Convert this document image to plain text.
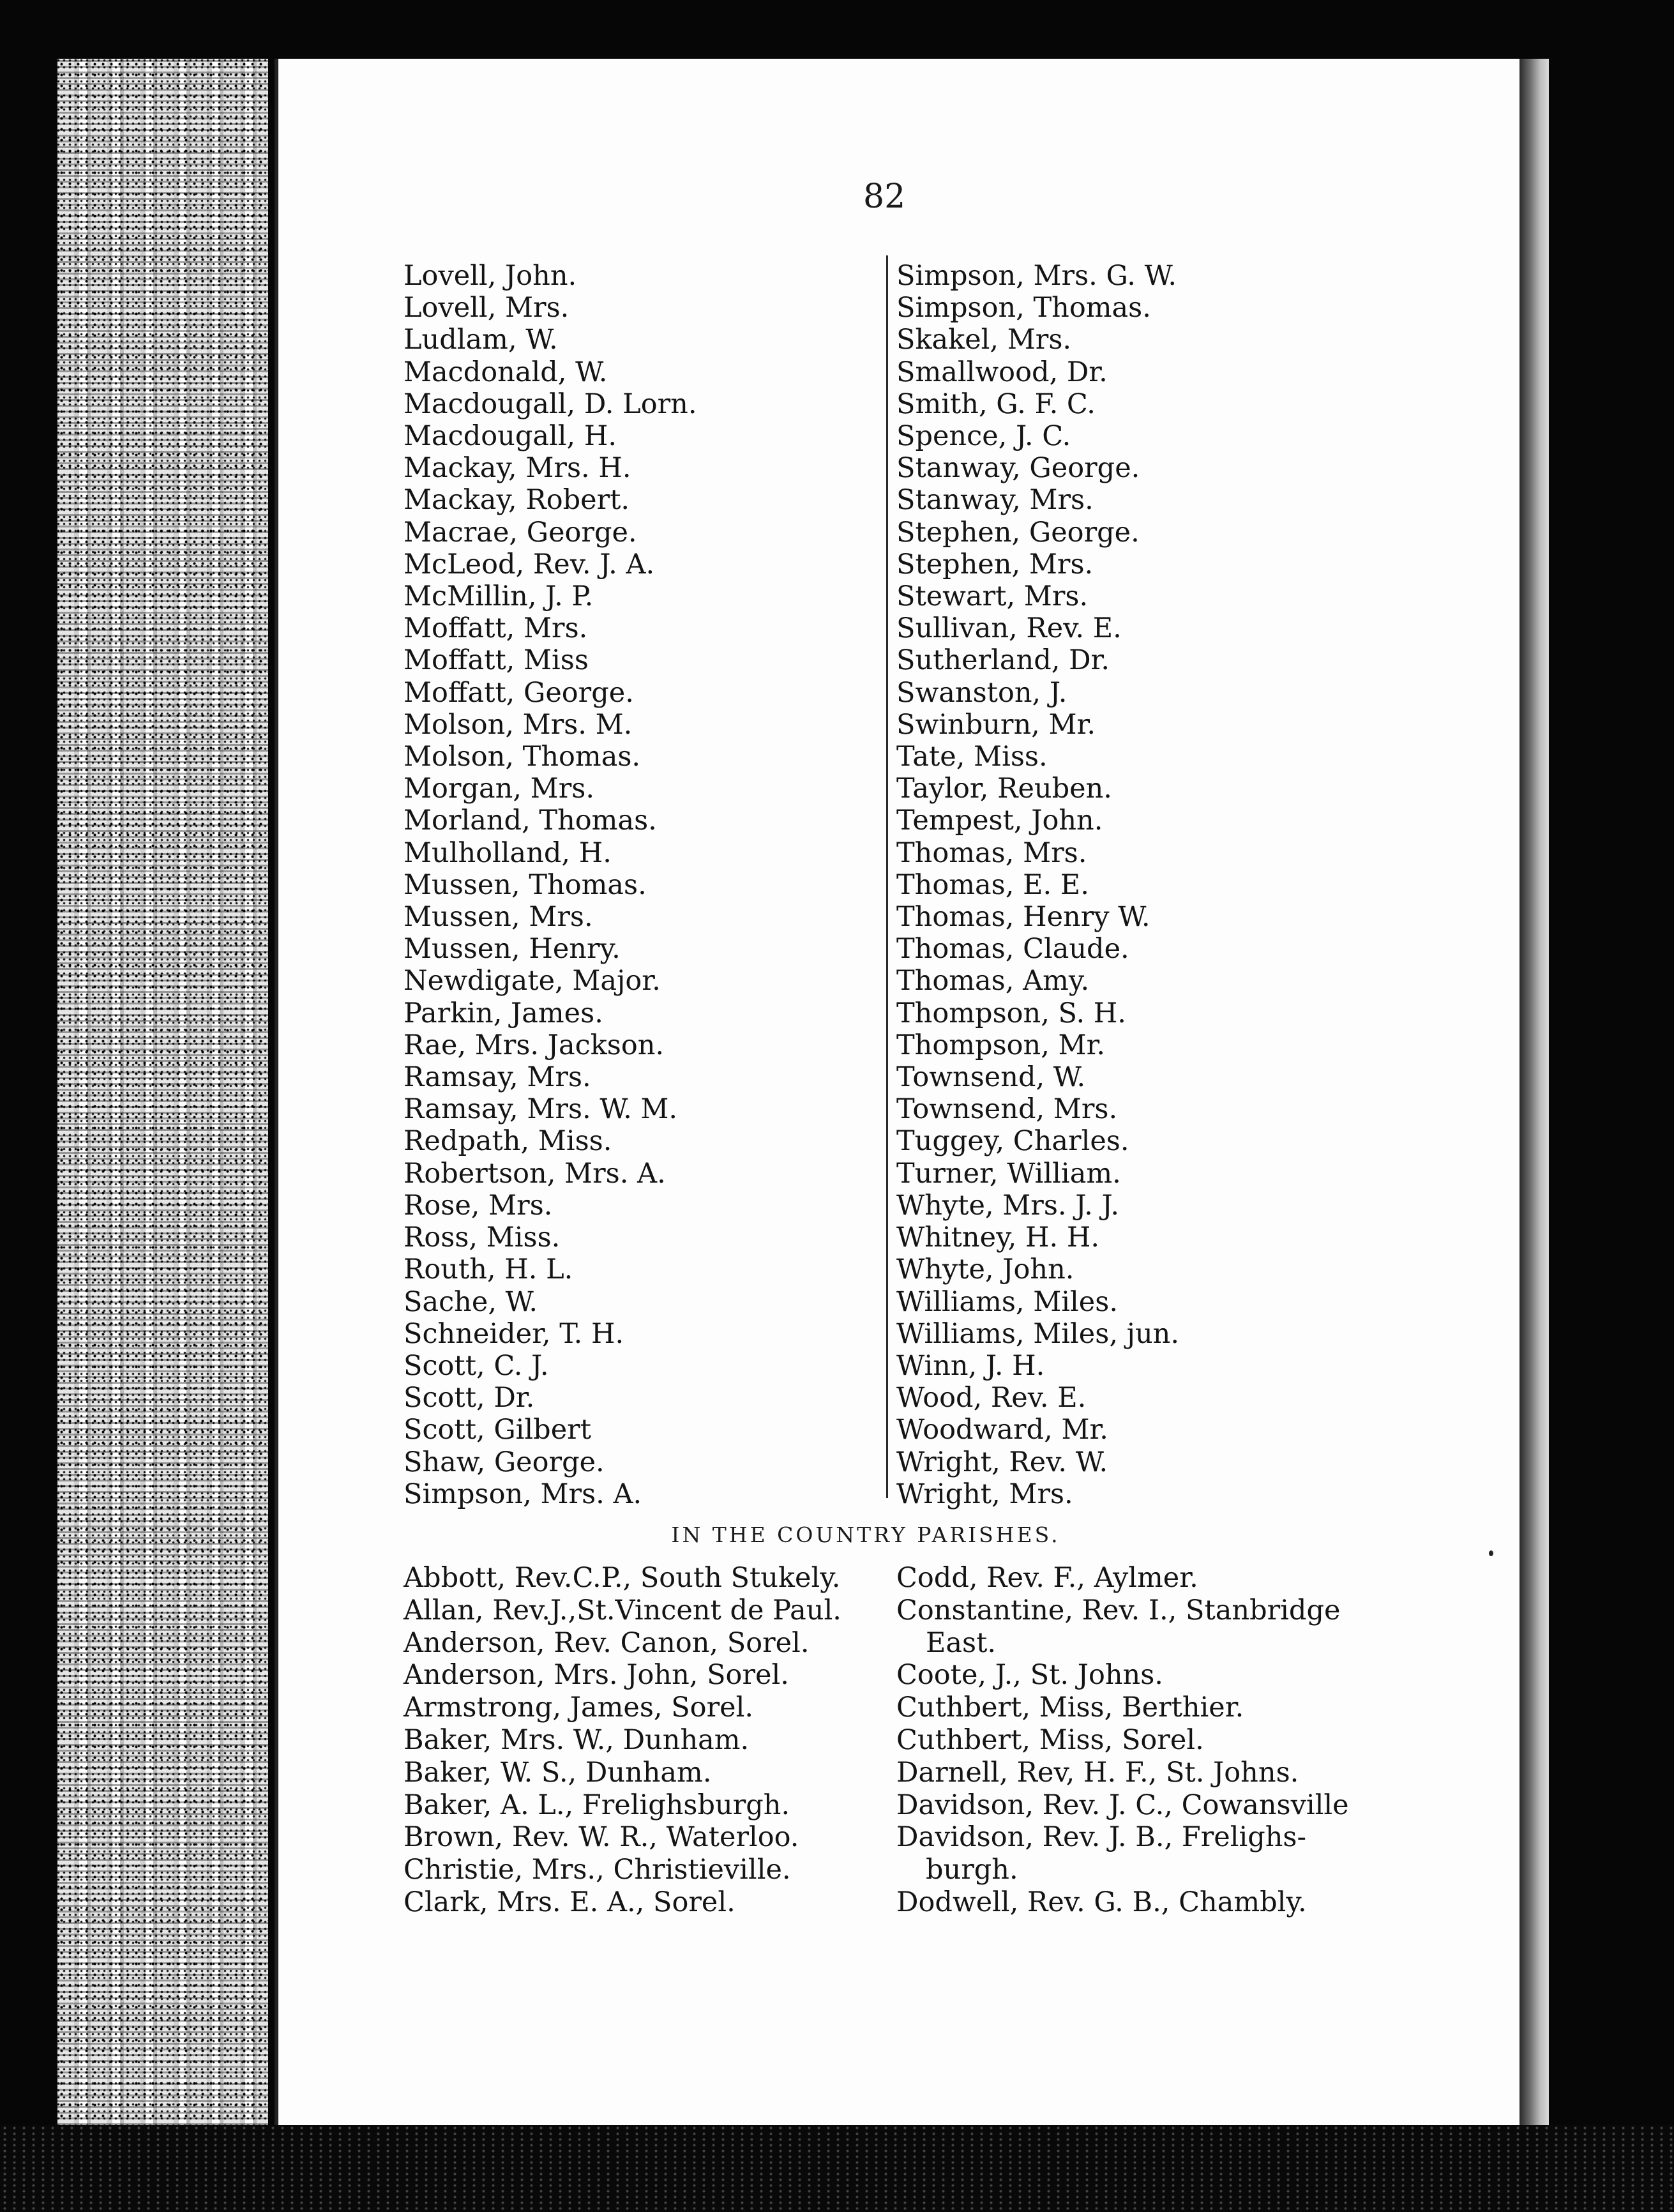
82
Lovell, John.
Lovell, Mrs.
Ludlam, W.
Macdonald, W.
Macdougall, D. Lorn.
Macdougall, H.
Mackay, Mrs. H.
Mackay, Robert.
Macrae, George.
McLeod, Rev. J. A.
McMillin, J. P.
Moffatt, Mrs.
Moffatt, Miss
Moffatt, George.
Molson, Mrs. M.
Molson, Thomas.
Morgan, Mrs.
Morland, Thomas.
Mulholland, H.
Mussen, Thomas.
Mussen, Mrs.
Mussen, Henry.
Newdigate, Major.
Parkin, James.
Rae, Mrs. Jackson.
Ramsay, Mrs.
Ramsay, Mrs. W. M.
Redpath, Miss.
Robertson, Mrs. A.
Rose, Mrs.
Ross, Miss.
Routh, H. L.
Sache, W.
Schneider, T. H.
Scott, C. J.
Scott, Dr.
Scott, Gilbert
Shaw, George.
Simpson, Mrs. A.
Simpson, Mrs. G. W.
Simpson, Thomas.
Skakel, Mrs.
Smallwood, Dr.
Smith, G. F. C.
Spence, J. C.
Stanway, George.
Stanway, Mrs.
Stephen, George.
Stephen, Mrs.
Stewart, Mrs.
Sullivan, Rev. E.
Sutherland, Dr.
Swanston, J.
Swinburn, Mr.
Tate, Miss.
Taylor, Reuben.
Tempest, John.
Thomas, Mrs.
Thomas, E. E.
Thomas, Henry W.
Thomas, Claude.
Thomas, Amy.
Thompson, S. H.
Thompson, Mr.
Townsend, W.
Townsend, Mrs.
Tuggey, Charles.
Turner, William.
Whyte, Mrs. J. J.
Whitney, H. H.
Whyte, John.
Williams, Miles.
Williams, Miles, jun.
Winn, J. H.
Wood, Rev. E.
Woodward, Mr.
Wright, Rev. W.
Wright, Mrs.
IN THE COUNTRY PARISHES.
Abbott, Rev.C.P., South Stukely.
Allan, Rev.J.,St.Vincent de Paul.
Anderson, Rev. Canon, Sorel.
Anderson, Mrs. John, Sorel.
Armstrong, James, Sorel.
Baker, Mrs. W., Dunham.
Baker, W. S., Dunham.
Baker, A. L., Frelighsburgh.
Brown, Rev. W. R., Waterloo.
Christie, Mrs., Christieville.
Clark, Mrs. E. A., Sorel.
Codd, Rev. F., Aylmer.
Constantine, Rev. I., Stanbridge
East.
Coote, J., St. Johns.
Cuthbert, Miss, Berthier.
Cuthbert, Miss, Sorel.
Darnell, Rev, H. F., St. Johns.
Davidson, Rev. J. C., Cowansville
Davidson, Rev. J. B., Frelighs-
burgh.
Dodwell, Rev. G. B., Chambly.
